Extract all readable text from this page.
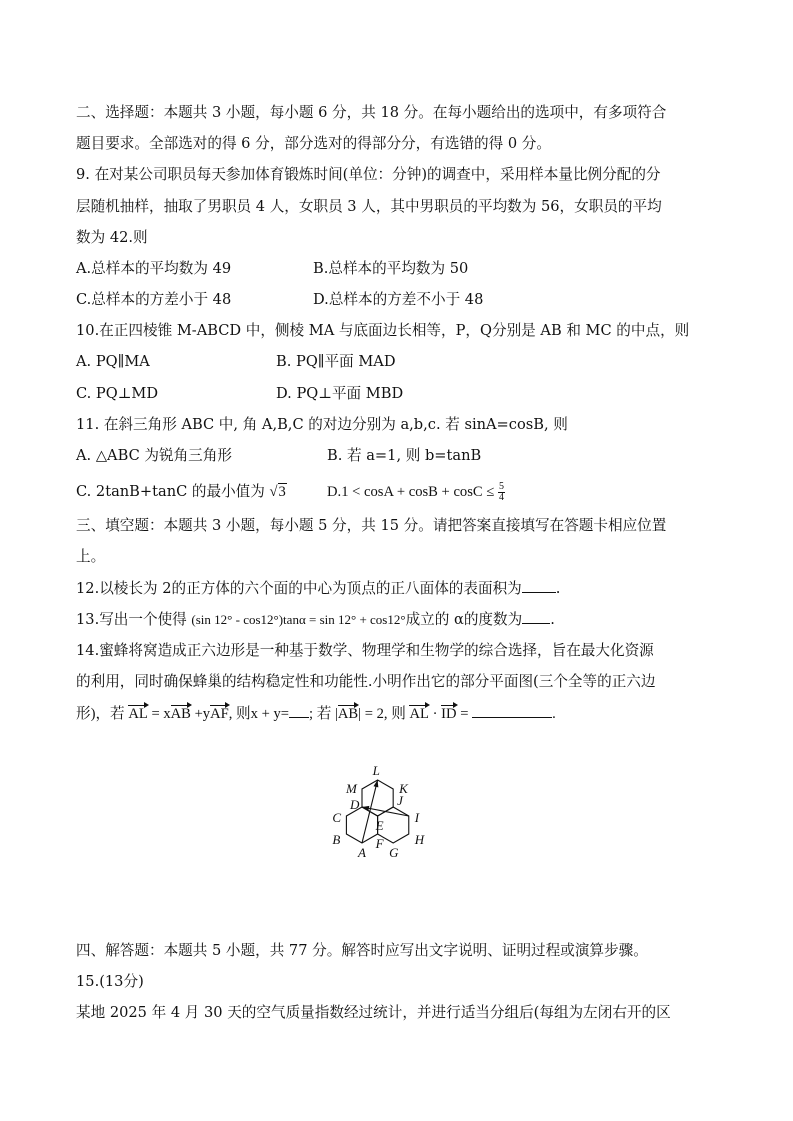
二、选择题：本题共 3 小题，每小题 6 分，共 18 分。在每小题给出的选项中，有多项符合
题目要求。全部选对的得 6 分，部分选对的得部分分，有选错的得 0 分。
9. 在对某公司职员每天参加体育锻炼时间(单位：分钟)的调查中，采用样本量比例分配的分
层随机抽样，抽取了男职员 4 人，女职员 3 人，其中男职员的平均数为 56，女职员的平均
数为 42.则
A.总样本的平均数为 49	B.总样本的平均数为 50
C.总样本的方差小于 48	D.总样本的方差不小于 48
10.在正四棱锥 M-ABCD 中，侧棱 MA 与底面边长相等，P，Q分别是 AB 和 MC 的中点，则
A. PQ∥MA	B. PQ∥平面 MAD
C. PQ⊥MD	D. PQ⊥平面 MBD
11. 在斜三角形 ABC 中, 角 A,B,C 的对边分别为 a,b,c. 若 sinA=cosB, 则
A. △ABC 为锐角三角形	B. 若 a=1, 则 b=tanB
C. 2tanB+tanC 的最小值为 √3	$D.1 < \cos A + \cos B + \cos C \le \frac{5}{4}$
三、填空题：本题共 3 小题，每小题 5 分，共 15 分。请把答案直接填写在答题卡相应位置
上。
12.以棱长为 2的正方体的六个面的中心为顶点的正八面体的表面积为 .
13.写出一个使得 (sin 12° - cos12°)tanα = sin 12° + cos12°成立的 α的度数为 .
14.蜜蜂将窝造成正六边形是一种基于数学、物理学和生物学的综合选择，旨在最大化资源
的利用，同时确保蜂巢的结构稳定性和功能性.小明作出它的部分平面图(三个全等的正六边
形)，若 AL = xAB +yAF, 则x + y= ; 若 |AB| = 2, 则 AL · ID =	.
L
M	K
D	J
C
E
I
B	H
F
A G
四、解答题：本题共 5 小题，共 77 分。解答时应写出文字说明、证明过程或演算步骤。
15.(13分)
某地 2025 年 4 月 30 天的空气质量指数经过统计，并进行适当分组后(每组为左闭右开的区
